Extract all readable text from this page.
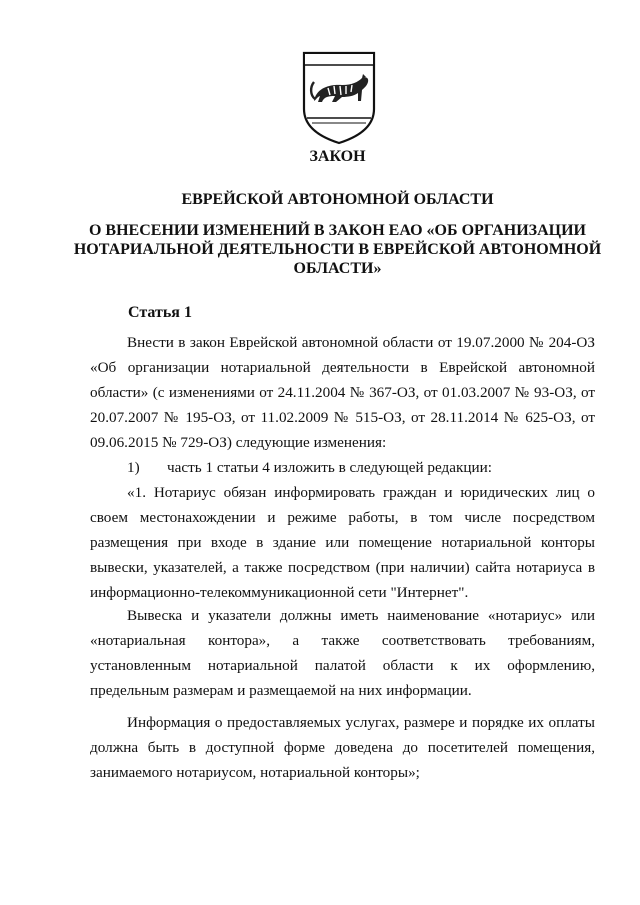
ЗАКОН
ЕВРЕЙСКОЙ АВТОНОМНОЙ ОБЛАСТИ
О ВНЕСЕНИИ ИЗМЕНЕНИЙ В ЗАКОН ЕАО «ОБ ОРГАНИЗАЦИИ НОТАРИАЛЬНОЙ ДЕЯТЕЛЬНОСТИ В ЕВРЕЙСКОЙ АВТОНОМНОЙ ОБЛАСТИ»
Статья 1

Внести в закон Еврейской автономной области от 19.07.2000 № 204-ОЗ «Об организации нотариальной деятельности в Еврейской автономной области» (с изменениями от 24.11.2004 № 367-ОЗ, от 01.03.2007 № 93-ОЗ, от 20.07.2007 № 195-ОЗ, от 11.02.2009 № 515-ОЗ, от 28.11.2014 № 625-ОЗ, от 09.06.2015 № 729-ОЗ) следующие изменения:

1) часть 1 статьи 4 изложить в следующей редакции:

«1. Нотариус обязан информировать граждан и юридических лиц о своем местонахождении и режиме работы, в том числе посредством размещения при входе в здание или помещение нотариальной конторы вывески, указателей, а также посредством (при наличии) сайта нотариуса в информационно-телекоммуникационной сети "Интернет".

Вывеска и указатели должны иметь наименование «нотариус» или «нотариальная контора», а также соответствовать требованиям, установленным нотариальной палатой области к их оформлению, предельным размерам и размещаемой на них информации.

Информация о предоставляемых услугах, размере и порядке их оплаты должна быть в доступной форме доведена до посетителей помещения, занимаемого нотариусом, нотариальной конторы»;
